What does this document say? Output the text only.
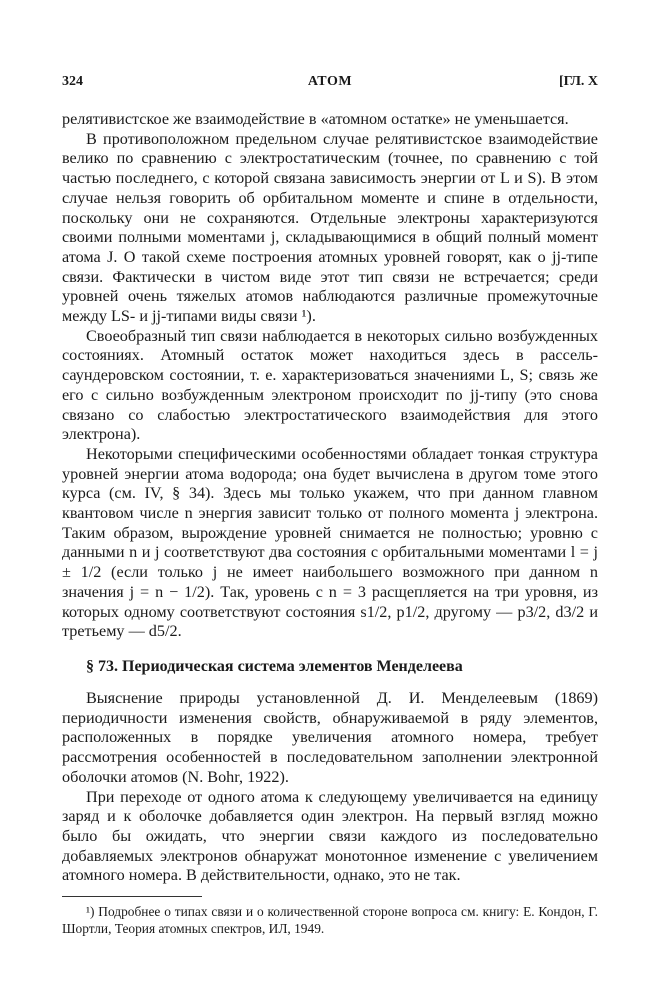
324	АТОМ	[ГЛ. X

релятивистское же взаимодействие в «атомном остатке» не уменьшается.

В противоположном предельном случае релятивистское взаимодействие велико по сравнению с электростатическим (точнее, по сравнению с той частью последнего, с которой связана зависимость энергии от L и S). В этом случае нельзя говорить об орбитальном моменте и спине в отдельности, поскольку они не сохраняются. Отдельные электроны характеризуются своими полными моментами j, складывающимися в общий полный момент атома J. О такой схеме построения атомных уровней говорят, как о jj-типе связи. Фактически в чистом виде этот тип связи не встречается; среди уровней очень тяжелых атомов наблюдаются различные промежуточные между LS- и jj-типами виды связи ¹).

Своеобразный тип связи наблюдается в некоторых сильно возбужденных состояниях. Атомный остаток может находиться здесь в рассель-саундеровском состоянии, т. е. характеризоваться значениями L, S; связь же его с сильно возбужденным электроном происходит по jj-типу (это снова связано со слабостью электростатического взаимодействия для этого электрона).

Некоторыми специфическими особенностями обладает тонкая структура уровней энергии атома водорода; она будет вычислена в другом томе этого курса (см. IV, § 34). Здесь мы только укажем, что при данном главном квантовом числе n энергия зависит только от полного момента j электрона. Таким образом, вырождение уровней снимается не полностью; уровню с данными n и j соответствуют два состояния с орбитальными моментами l = j ± 1/2 (если только j не имеет наибольшего возможного при данном n значения j = n − 1/2). Так, уровень с n = 3 расщепляется на три уровня, из которых одному соответствуют состояния s1/2, p1/2, другому — p3/2, d3/2 и третьему — d5/2.

§ 73. Периодическая система элементов Менделеева

Выяснение природы установленной Д. И. Менделеевым (1869) периодичности изменения свойств, обнаруживаемой в ряду элементов, расположенных в порядке увеличения атомного номера, требует рассмотрения особенностей в последовательном заполнении электронной оболочки атомов (N. Bohr, 1922).

При переходе от одного атома к следующему увеличивается на единицу заряд и к оболочке добавляется один электрон. На первый взгляд можно было бы ожидать, что энергии связи каждого из последовательно добавляемых электронов обнаружат монотонное изменение с увеличением атомного номера. В действительности, однако, это не так.

¹) Подробнее о типах связи и о количественной стороне вопроса см. книгу: Е. Кондон, Г. Шортли, Теория атомных спектров, ИЛ, 1949.
